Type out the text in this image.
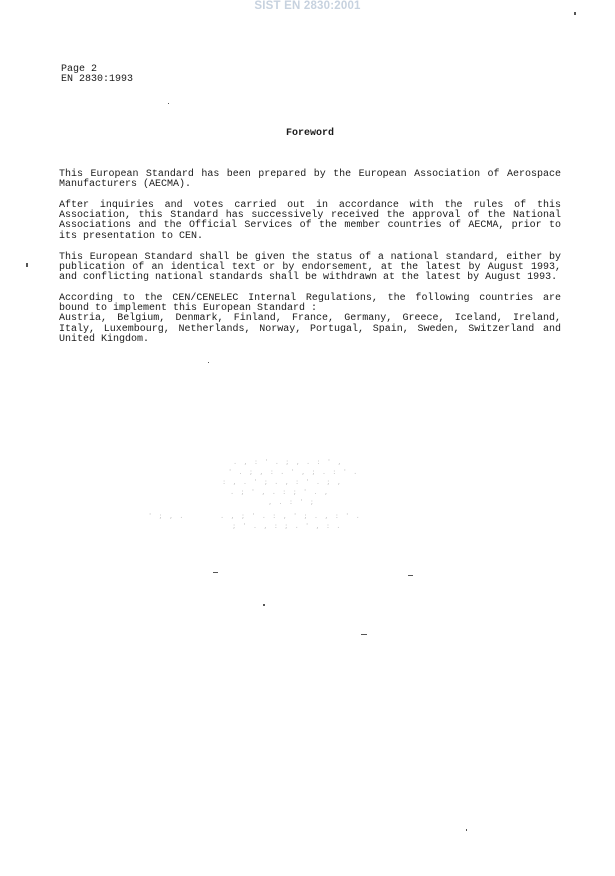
SIST EN 2830:2001
Page 2
EN 2830:1993
Foreword
This European Standard has been prepared by the European Association of Aerospace
Manufacturers (AECMA).
After inquiries and votes carried out in accordance with the rules of this
Association, this Standard has successively received the approval of the National
Associations and the Official Services of the member countries of AECMA, prior to
its presentation to CEN.
This European Standard shall be given the status of a national standard, either by
publication of an identical text or by endorsement, at the latest by August 1993,
and conflicting national standards shall be withdrawn at the latest by August 1993.
According to the CEN/CENELEC Internal Regulations, the following countries are
bound to implement this European Standard :
Austria, Belgium, Denmark, Finland, France, Germany, Greece, Iceland, Ireland,
Italy, Luxembourg, Netherlands, Norway, Portugal, Spain, Sweden, Switzerland and
United Kingdom.
. , : ' . ; , . : ' ,
' . ; , : . ' , ; . : ' .
: , . ' ; . , : ' . ; ,
. ; ' , . : ; ' . ,
, . : ' ;
' ; , .	. , ; ' . : , ' ; . , : ' .
; ' . , : ; . ' , : .
